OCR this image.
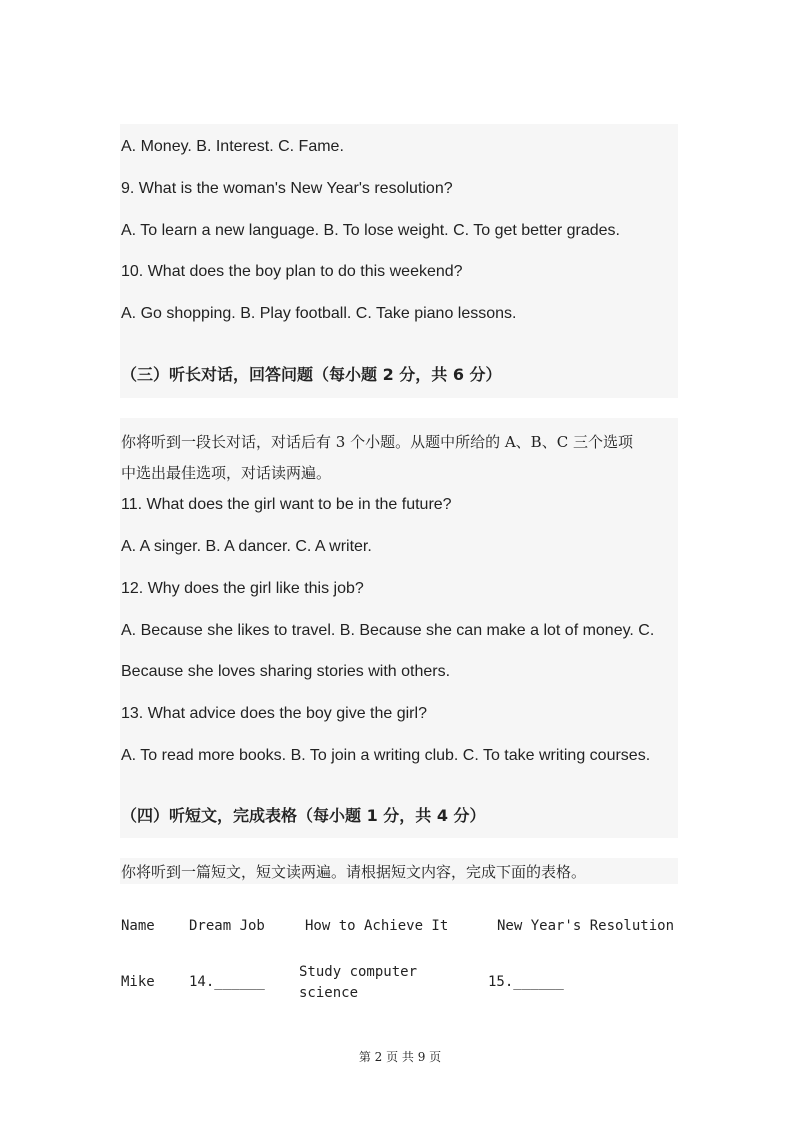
A. Money. B. Interest. C. Fame.
9. What is the woman's New Year's resolution?
A. To learn a new language. B. To lose weight. C. To get better grades.
10. What does the boy plan to do this weekend?
A. Go shopping. B. Play football. C. Take piano lessons.
（三）听长对话，回答问题（每小题 2 分，共 6 分）
你将听到一段长对话，对话后有 3 个小题。从题中所给的 A、B、C 三个选项
中选出最佳选项，对话读两遍。
11. What does the girl want to be in the future?
A. A singer. B. A dancer. C. A writer.
12. Why does the girl like this job?
A. Because she likes to travel. B. Because she can make a lot of money. C.
Because she loves sharing stories with others.
13. What advice does the boy give the girl?
A. To read more books. B. To join a writing club. C. To take writing courses.
（四）听短文，完成表格（每小题 1 分，共 4 分）
你将听到一篇短文，短文读两遍。请根据短文内容，完成下面的表格。
Name Dream Job	How to Achieve It	New Year's Resolution
Mike 14.______
Study computer
science
15.______
第 2 页 共 9 页
